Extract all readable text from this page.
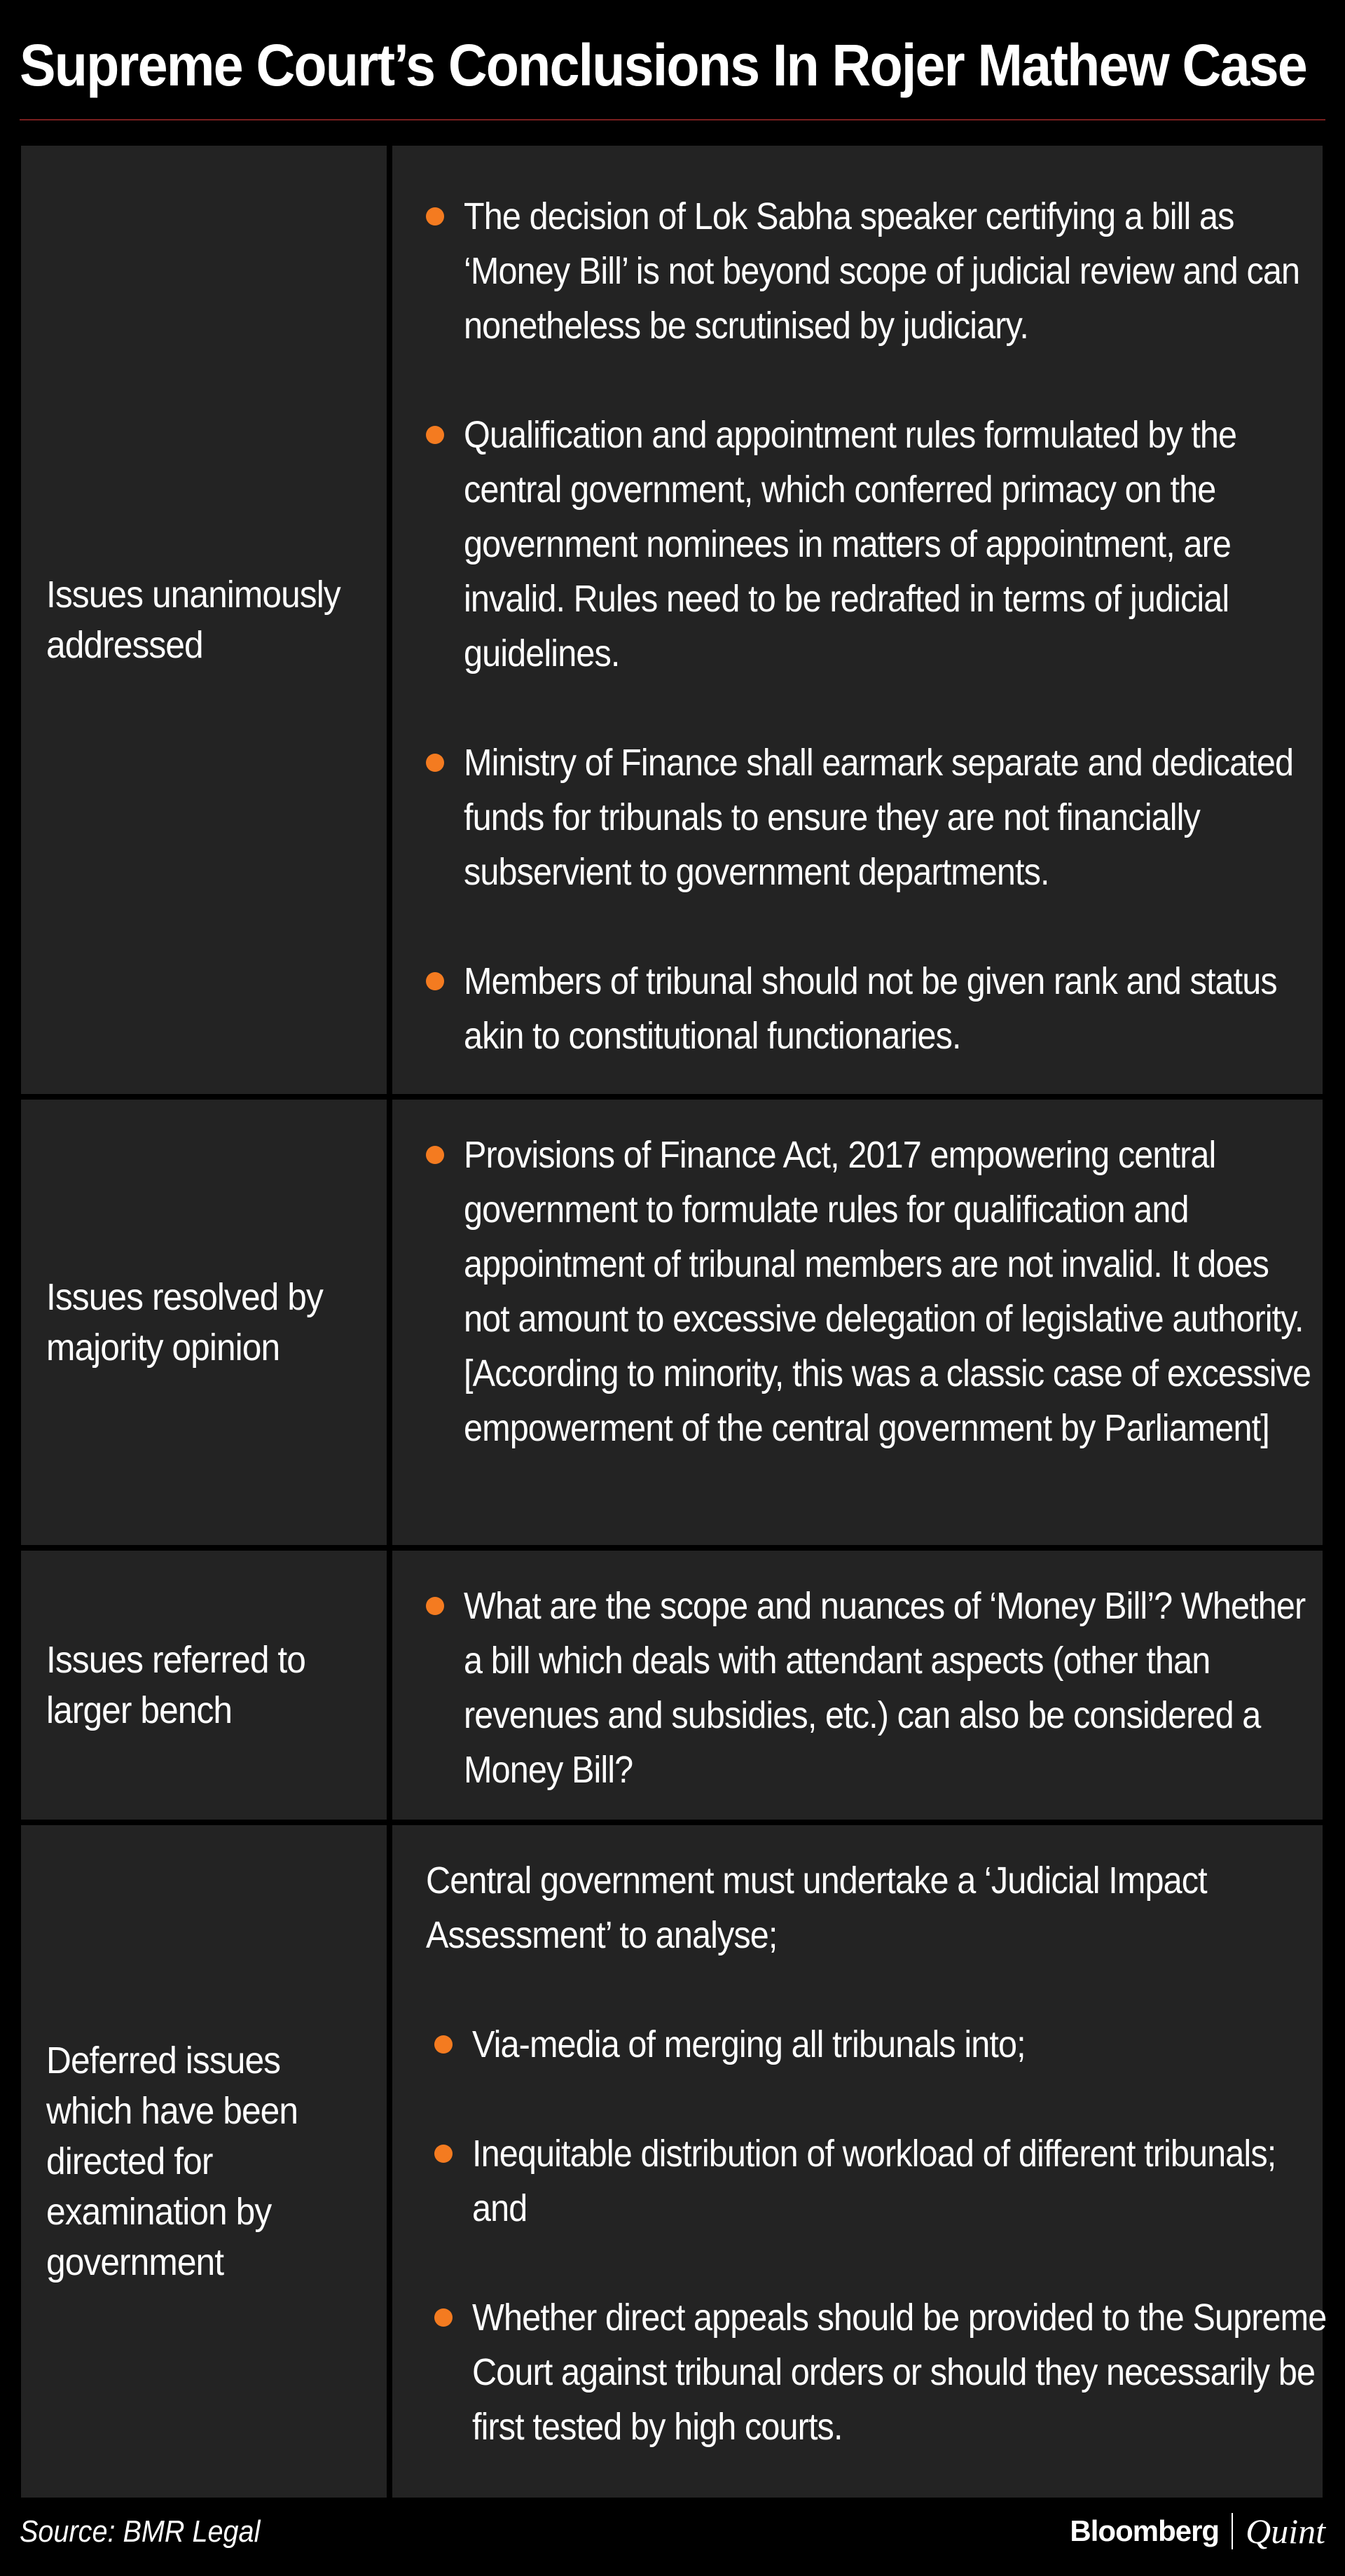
Supreme Court’s Conclusions In Rojer Mathew Case
Issues unanimously addressed
The decision of Lok Sabha speaker certifying a bill as ‘Money Bill’ is not beyond scope of judicial review and can nonetheless be scrutinised by judiciary.
Qualification and appointment rules formulated by the central government, which conferred primacy on the government nominees in matters of appointment, are invalid. Rules need to be redrafted in terms of judicial guidelines.
Ministry of Finance shall earmark separate and dedicated funds for tribunals to ensure they are not financially subservient to government departments.
Members of tribunal should not be given rank and status akin to constitutional functionaries.
Issues resolved by majority opinion
Provisions of Finance Act, 2017 empowering central government to formulate rules for qualification and appointment of tribunal members are not invalid. It does not amount to excessive delegation of legislative authority. [According to minority, this was a classic case of excessive empowerment of the central government by Parliament]
Issues referred to larger bench
What are the scope and nuances of ‘Money Bill’? Whether a bill which deals with attendant aspects (other than revenues and subsidies, etc.) can also be considered a Money Bill?
Deferred issues which have been directed for examination by government

Central government must undertake a ‘Judicial Impact Assessment’ to analyse;

Via-media of merging all tribunals into;
Inequitable distribution of workload of different tribunals; and
Whether direct appeals should be provided to the Supreme Court against tribunal orders or should they necessarily be first tested by high courts.
Source: BMR Legal	Bloomberg Quint
